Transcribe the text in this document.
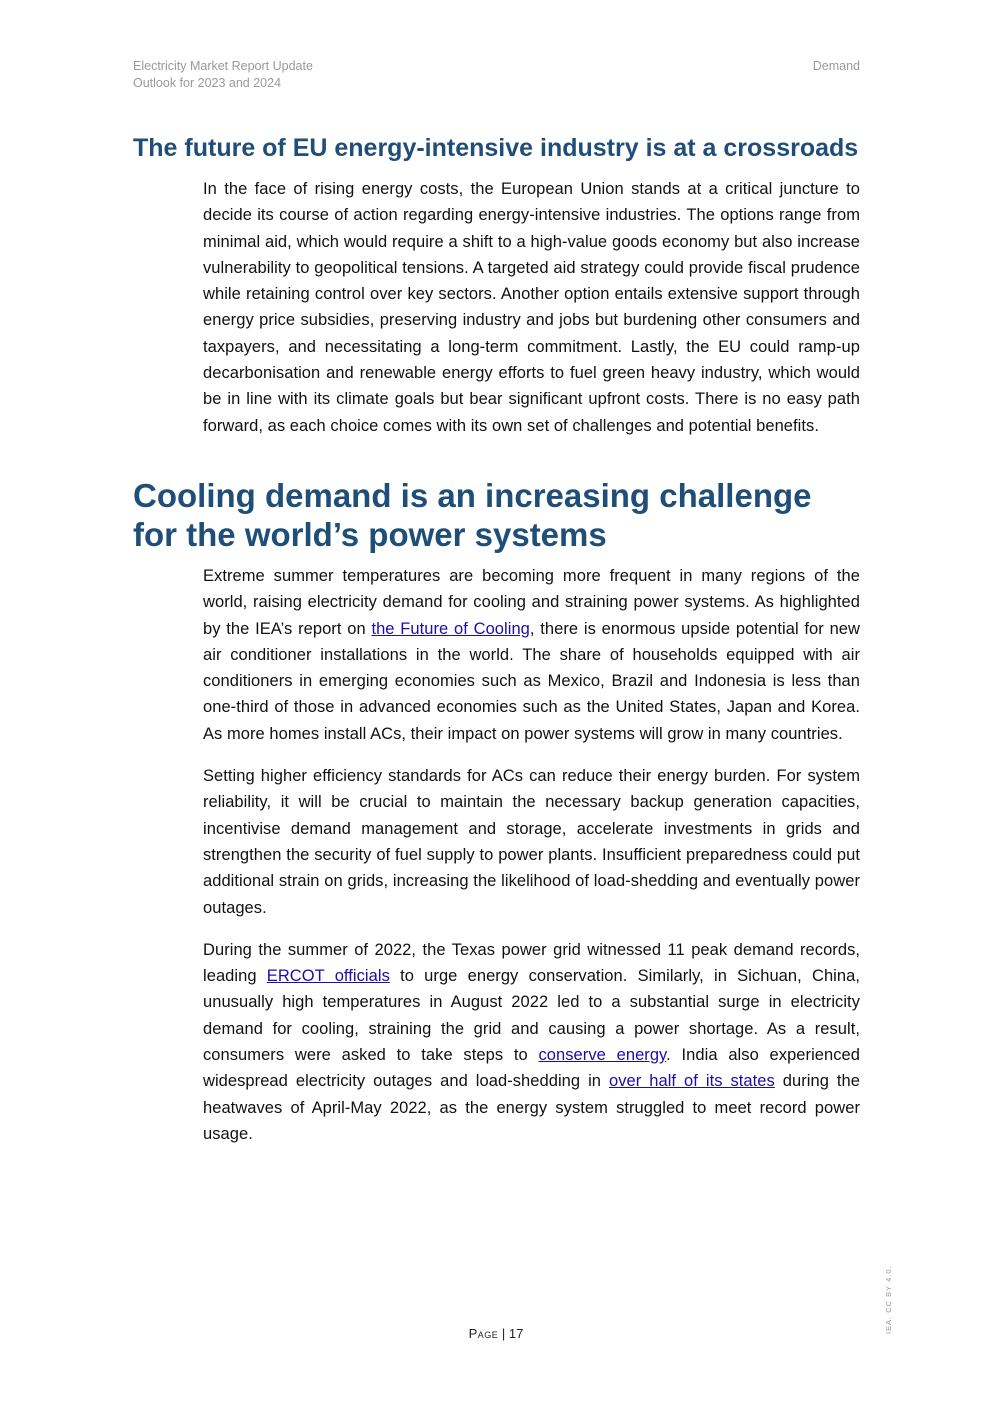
Electricity Market Report Update
Outlook for 2023 and 2024
Demand
The future of EU energy-intensive industry is at a crossroads

In the face of rising energy costs, the European Union stands at a critical juncture to decide its course of action regarding energy-intensive industries. The options range from minimal aid, which would require a shift to a high-value goods economy but also increase vulnerability to geopolitical tensions. A targeted aid strategy could provide fiscal prudence while retaining control over key sectors. Another option entails extensive support through energy price subsidies, preserving industry and jobs but burdening other consumers and taxpayers, and necessitating a long-term commitment. Lastly, the EU could ramp-up decarbonisation and renewable energy efforts to fuel green heavy industry, which would be in line with its climate goals but bear significant upfront costs. There is no easy path forward, as each choice comes with its own set of challenges and potential benefits.

Cooling demand is an increasing challenge for the world’s power systems

Extreme summer temperatures are becoming more frequent in many regions of the world, raising electricity demand for cooling and straining power systems. As highlighted by the IEA’s report on the Future of Cooling, there is enormous upside potential for new air conditioner installations in the world. The share of households equipped with air conditioners in emerging economies such as Mexico, Brazil and Indonesia is less than one-third of those in advanced economies such as the United States, Japan and Korea. As more homes install ACs, their impact on power systems will grow in many countries.

Setting higher efficiency standards for ACs can reduce their energy burden. For system reliability, it will be crucial to maintain the necessary backup generation capacities, incentivise demand management and storage, accelerate investments in grids and strengthen the security of fuel supply to power plants. Insufficient preparedness could put additional strain on grids, increasing the likelihood of load-shedding and eventually power outages.

During the summer of 2022, the Texas power grid witnessed 11 peak demand records, leading ERCOT officials to urge energy conservation. Similarly, in Sichuan, China, unusually high temperatures in August 2022 led to a substantial surge in electricity demand for cooling, straining the grid and causing a power shortage. As a result, consumers were asked to take steps to conserve energy. India also experienced widespread electricity outages and load-shedding in over half of its states during the heatwaves of April-May 2022, as the energy system struggled to meet record power usage.

Page | 17	IEA. CC BY 4.0.
